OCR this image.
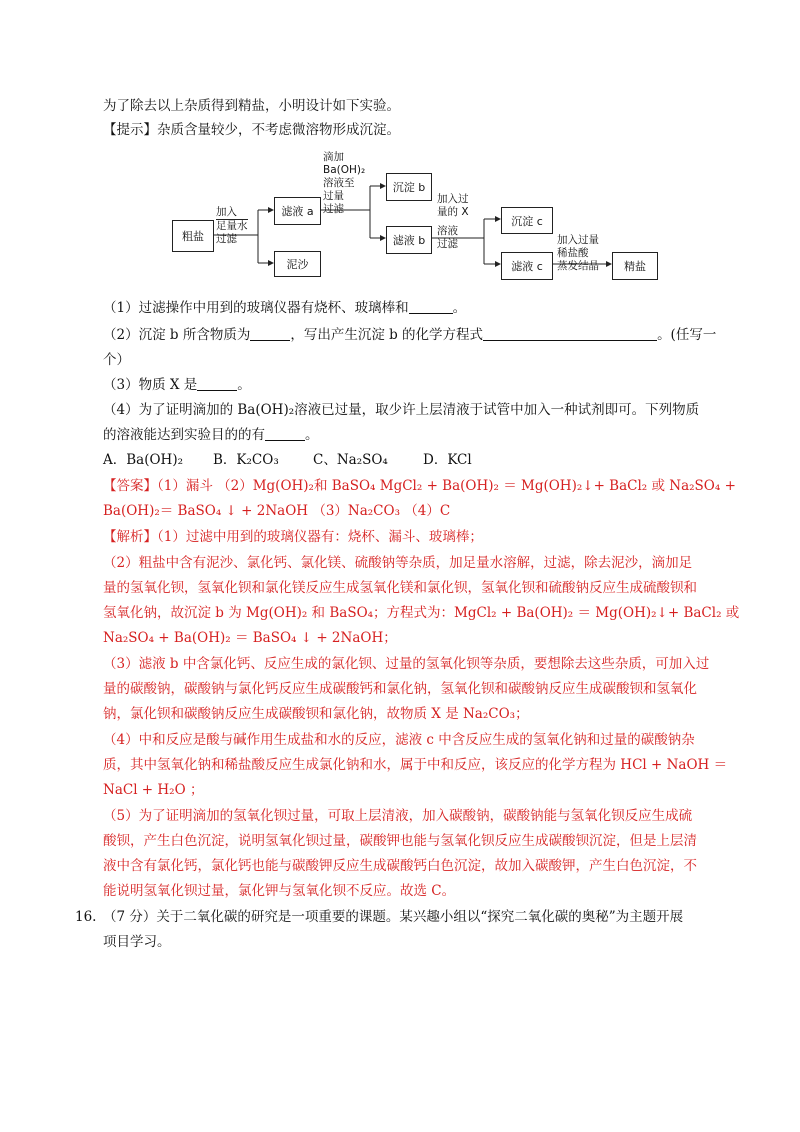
为了除去以上杂质得到精盐，小明设计如下实验。
【提示】杂质含量较少，不考虑微溶物形成沉淀。
粗盐
滤液 a
泥沙
沉淀 b
滤液 b
沉淀 c
滤液 c	精盐
加入
足量水
过滤
滴加
Ba(OH)₂
溶液至
过量
过滤
加入过
量的 X
溶液
过滤	加入过量
稀盐酸
蒸发结晶
（1）过滤操作中用到的玻璃仪器有烧杯、玻璃棒和	。
（2）沉淀 b 所含物质为	，写出产生沉淀 b 的化学方程式	。(任写一
个）
（3）物质 X 是	。
（4）为了证明滴加的 Ba(OH)₂溶液已过量，取少许上层清液于试管中加入一种试剂即可。下列物质
的溶液能达到实验目的的有	。
A．Ba(OH)₂ B．K₂CO₃	C、Na₂SO₄	D．KCl
【答案】（1）漏斗 （2）Mg(OH)₂和 BaSO₄ MgCl₂ + Ba(OH)₂ ＝ Mg(OH)₂↓+ BaCl₂ 或 Na₂SO₄ +
Ba(OH)₂＝ BaSO₄ ↓ + 2NaOH （3）Na₂CO₃ （4）C
【解析】（1）过滤中用到的玻璃仪器有：烧杯、漏斗、玻璃棒；
（2）粗盐中含有泥沙、氯化钙、氯化镁、硫酸钠等杂质，加足量水溶解，过滤，除去泥沙，滴加足
量的氢氧化钡，氢氧化钡和氯化镁反应生成氢氧化镁和氯化钡，氢氧化钡和硫酸钠反应生成硫酸钡和
氢氧化钠，故沉淀 b 为 Mg(OH)₂ 和 BaSO₄；方程式为：MgCl₂ + Ba(OH)₂ ＝ Mg(OH)₂↓+ BaCl₂ 或
Na₂SO₄ + Ba(OH)₂ ＝ BaSO₄ ↓ + 2NaOH；
（3）滤液 b 中含氯化钙、反应生成的氯化钡、过量的氢氧化钡等杂质，要想除去这些杂质，可加入过
量的碳酸钠，碳酸钠与氯化钙反应生成碳酸钙和氯化钠，氢氧化钡和碳酸钠反应生成碳酸钡和氢氧化
钠，氯化钡和碳酸钠反应生成碳酸钡和氯化钠，故物质 X 是 Na₂CO₃；
（4）中和反应是酸与碱作用生成盐和水的反应，滤液 c 中含反应生成的氢氧化钠和过量的碳酸钠杂
质，其中氢氧化钠和稀盐酸反应生成氯化钠和水，属于中和反应，该反应的化学方程为 HCl + NaOH ＝
NaCl + H₂O ；
（5）为了证明滴加的氢氧化钡过量，可取上层清液，加入碳酸钠，碳酸钠能与氢氧化钡反应生成硫
酸钡，产生白色沉淀，说明氢氧化钡过量，碳酸钾也能与氢氧化钡反应生成碳酸钡沉淀，但是上层清
液中含有氯化钙，氯化钙也能与碳酸钾反应生成碳酸钙白色沉淀，故加入碳酸钾，产生白色沉淀，不
能说明氢氧化钡过量，氯化钾与氢氧化钡不反应。故选 C。
16. （7 分）关于二氧化碳的研究是一项重要的课题。某兴趣小组以“探究二氧化碳的奥秘”为主题开展
项目学习。
